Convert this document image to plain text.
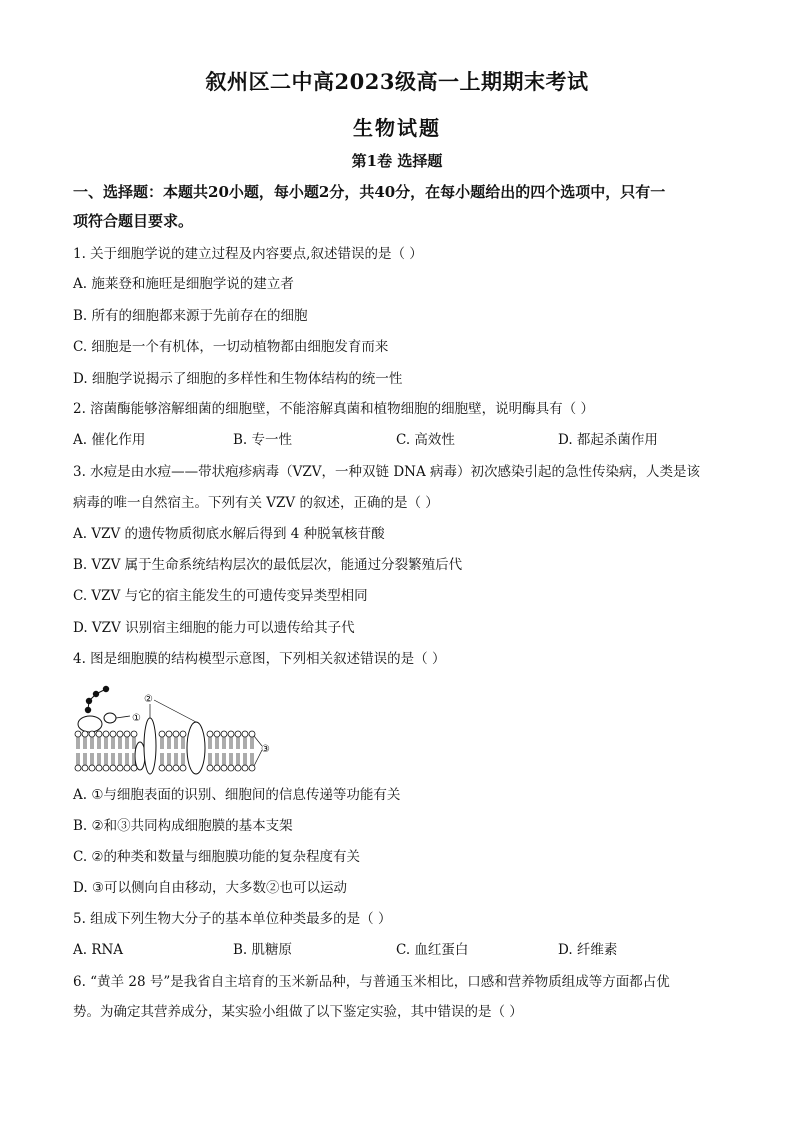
叙州区二中高2023级高一上期期末考试
生物试题
第1卷 选择题
一、选择题：本题共20小题，每小题2分，共40分，在每小题给出的四个选项中，只有一
项符合题目要求。
1. 关于细胞学说的建立过程及内容要点,叙述错误的是（ ）
A. 施莱登和施旺是细胞学说的建立者
B. 所有的细胞都来源于先前存在的细胞
C. 细胞是一个有机体，一切动植物都由细胞发育而来
D. 细胞学说揭示了细胞的多样性和生物体结构的统一性
2. 溶菌酶能够溶解细菌的细胞壁，不能溶解真菌和植物细胞的细胞壁，说明酶具有（ ）
A. 催化作用	B. 专一性	C. 高效性	D. 都起杀菌作用
3. 水痘是由水痘——带状疱疹病毒（VZV，一种双链 DNA 病毒）初次感染引起的急性传染病，人类是该
病毒的唯一自然宿主。下列有关 VZV 的叙述，正确的是（ ）
A. VZV 的遗传物质彻底水解后得到 4 种脱氧核苷酸
B. VZV 属于生命系统结构层次的最低层次，能通过分裂繁殖后代
C. VZV 与它的宿主能发生的可遗传变异类型相同
D. VZV 识别宿主细胞的能力可以遗传给其子代
4. 图是细胞膜的结构模型示意图，下列相关叙述错误的是（ ）
①
②
③
A. ①与细胞表面的识别、细胞间的信息传递等功能有关
B. ②和③共同构成细胞膜的基本支架
C. ②的种类和数量与细胞膜功能的复杂程度有关
D. ③可以侧向自由移动，大多数②也可以运动
5. 组成下列生物大分子的基本单位种类最多的是（ ）
A. RNA	B. 肌糖原	C. 血红蛋白	D. 纤维素
6. “黄羊 28 号”是我省自主培育的玉米新品种，与普通玉米相比，口感和营养物质组成等方面都占优
势。为确定其营养成分，某实验小组做了以下鉴定实验，其中错误的是（ ）
